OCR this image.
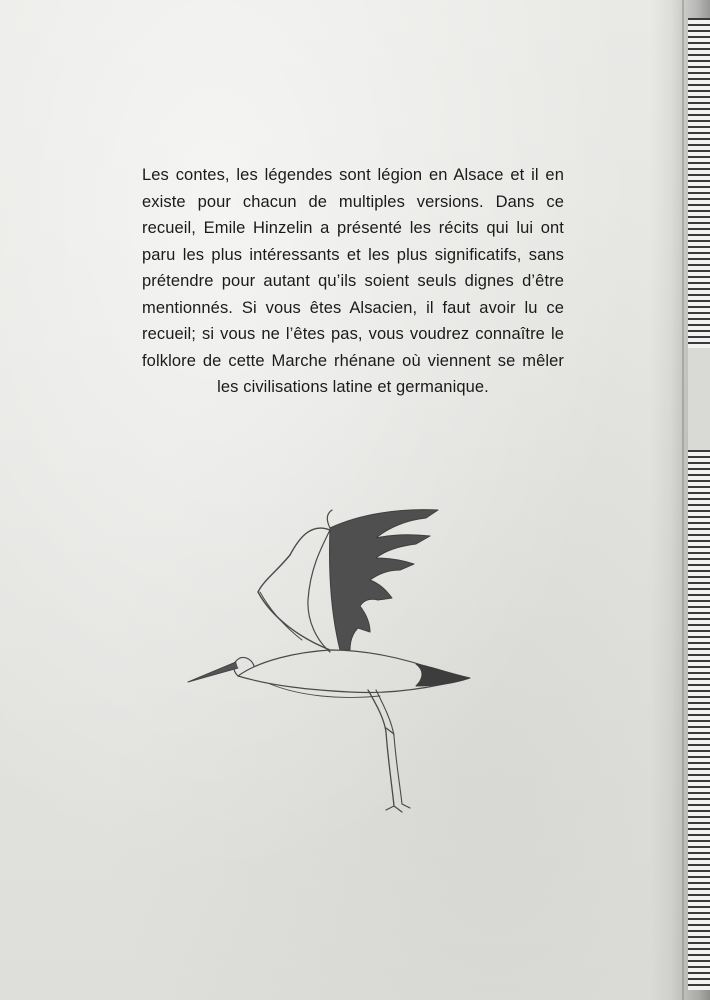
Les contes, les légendes sont légion en Alsace et il en existe pour chacun de multiples versions. Dans ce recueil, Emile Hinzelin a présenté les récits qui lui ont paru les plus intéressants et les plus significatifs, sans prétendre pour autant qu’ils soient seuls dignes d’être mentionnés. Si vous êtes Alsacien, il faut avoir lu ce recueil; si vous ne l’êtes pas, vous voudrez connaître le folklore de cette Marche rhénane où viennent se mêler les civilisations latine et germanique.
